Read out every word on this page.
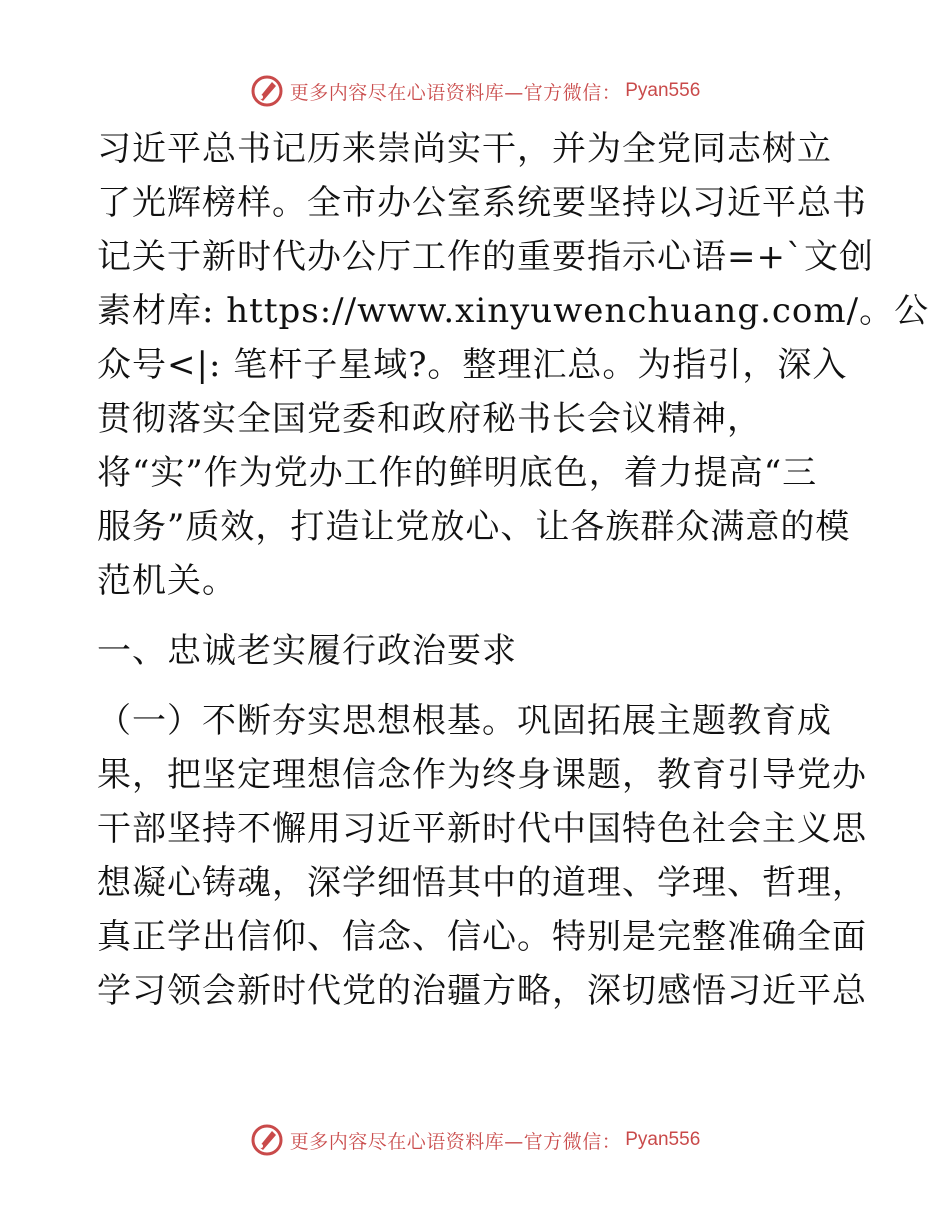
更多内容尽在心语资料库—官方微信： Pyan556
习近平总书记历来崇尚实干，并为全党同志树立
了光辉榜样。全市办公室系统要坚持以习近平总书
记关于新时代办公厅工作的重要指示心语=+`文创
素材库: https://www.xinyuwenchuang.com/。公
众号<|: 笔杆子星域?。整理汇总。为指引，深入
贯彻落实全国党委和政府秘书长会议精神，
将“实”作为党办工作的鲜明底色，着力提高“三
服务”质效，打造让党放心、让各族群众满意的模
范机关。
一、忠诚老实履行政治要求
（一）不断夯实思想根基。巩固拓展主题教育成
果，把坚定理想信念作为终身课题，教育引导党办
干部坚持不懈用习近平新时代中国特色社会主义思
想凝心铸魂，深学细悟其中的道理、学理、哲理，
真正学出信仰、信念、信心。特别是完整准确全面
学习领会新时代党的治疆方略，深切感悟习近平总
更多内容尽在心语资料库—官方微信： Pyan556
